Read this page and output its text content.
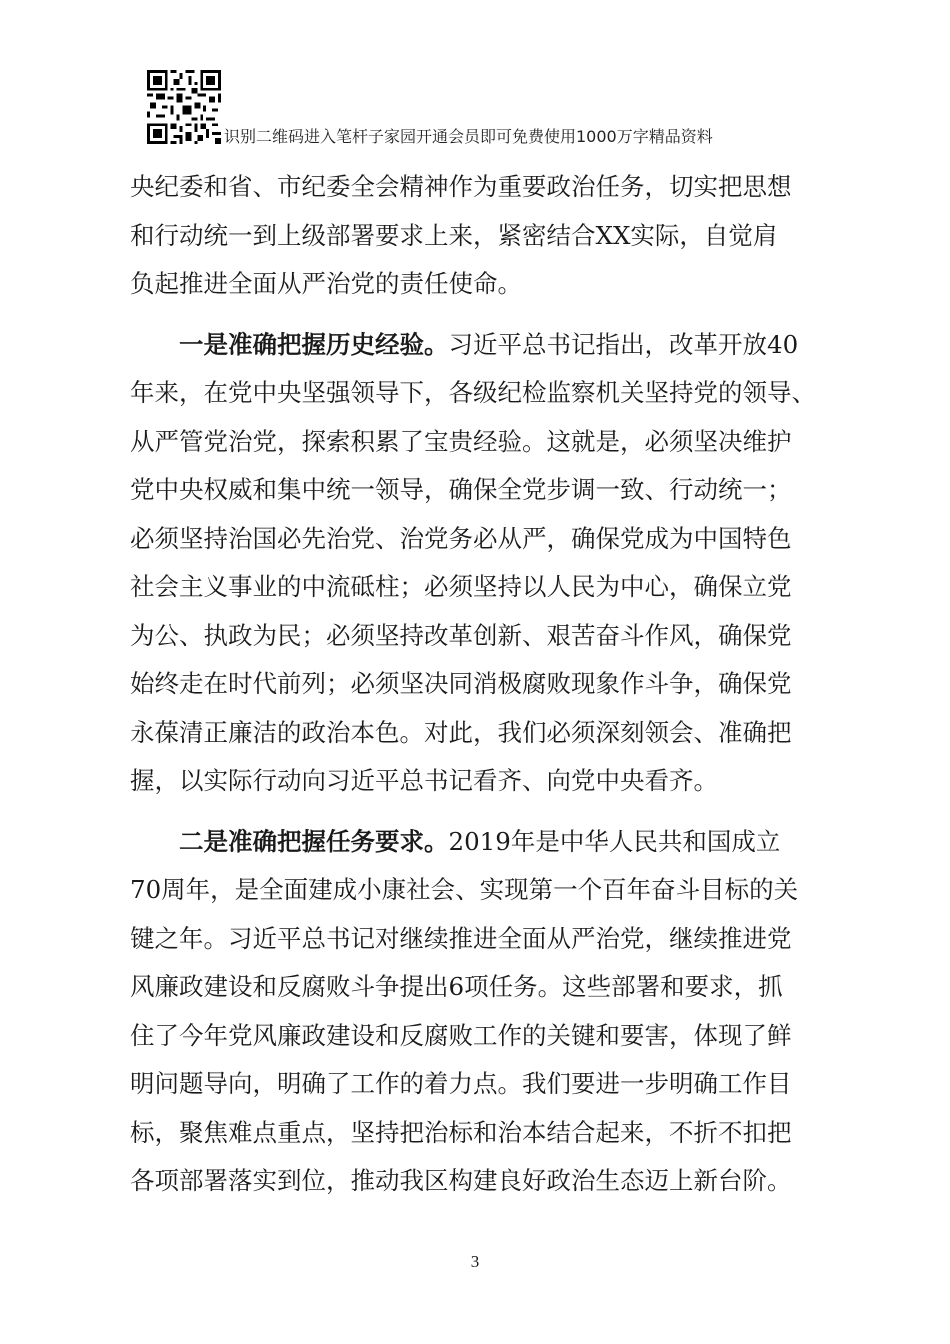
识别二维码进入笔杆子家园开通会员即可免费使用1000万字精品资料
央纪委和省、市纪委全会精神作为重要政治任务，切实把思想
和行动统一到上级部署要求上来，紧密结合XX实际，自觉肩
负起推进全面从严治党的责任使命。
一是准确把握历史经验。习近平总书记指出，改革开放40
年来，在党中央坚强领导下，各级纪检监察机关坚持党的领导、
从严管党治党，探索积累了宝贵经验。这就是，必须坚决维护
党中央权威和集中统一领导，确保全党步调一致、行动统一；
必须坚持治国必先治党、治党务必从严，确保党成为中国特色
社会主义事业的中流砥柱；必须坚持以人民为中心，确保立党
为公、执政为民；必须坚持改革创新、艰苦奋斗作风，确保党
始终走在时代前列；必须坚决同消极腐败现象作斗争，确保党
永葆清正廉洁的政治本色。对此，我们必须深刻领会、准确把
握，以实际行动向习近平总书记看齐、向党中央看齐。
二是准确把握任务要求。2019年是中华人民共和国成立
70周年，是全面建成小康社会、实现第一个百年奋斗目标的关
键之年。习近平总书记对继续推进全面从严治党，继续推进党
风廉政建设和反腐败斗争提出6项任务。这些部署和要求，抓
住了今年党风廉政建设和反腐败工作的关键和要害，体现了鲜
明问题导向，明确了工作的着力点。我们要进一步明确工作目
标，聚焦难点重点，坚持把治标和治本结合起来，不折不扣把
各项部署落实到位，推动我区构建良好政治生态迈上新台阶。
3
